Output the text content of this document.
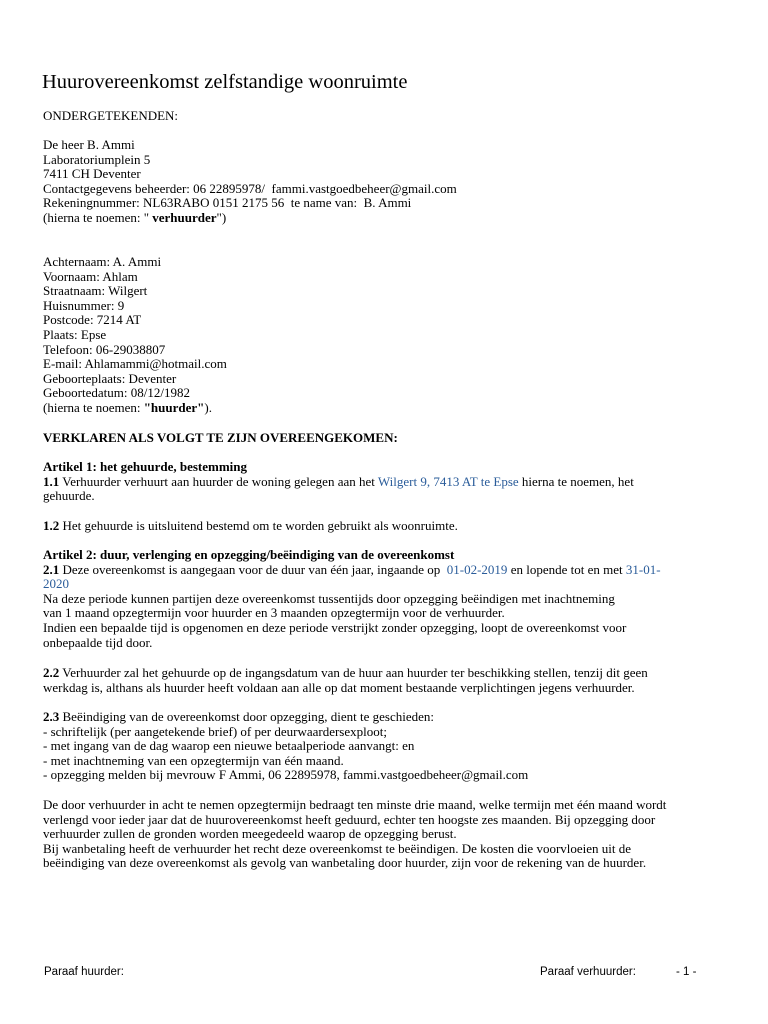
Huurovereenkomst zelfstandige woonruimte
ONDERGETEKENDEN:
De heer B. Ammi
Laboratoriumplein 5
7411 CH Deventer
Contactgegevens beheerder: 06 22895978/  fammi.vastgoedbeheer@gmail.com
Rekeningnummer: NL63RABO 0151 2175 56  te name van:  B. Ammi
(hierna te noemen: " verhuurder")
Achternaam: A. Ammi
Voornaam: Ahlam
Straatnaam: Wilgert
Huisnummer: 9
Postcode: 7214 AT
Plaats: Epse
Telefoon: 06-29038807
E-mail: Ahlamammi@hotmail.com
Geboorteplaats: Deventer
Geboortedatum: 08/12/1982
(hierna te noemen: "huurder").
VERKLAREN ALS VOLGT TE ZIJN OVEREENGEKOMEN:
Artikel 1: het gehuurde, bestemming
1.1 Verhuurder verhuurt aan huurder de woning gelegen aan het Wilgert 9, 7413 AT te Epse hierna te noemen, het
gehuurde.
1.2 Het gehuurde is uitsluitend bestemd om te worden gebruikt als woonruimte.
Artikel 2: duur, verlenging en opzegging/beëindiging van de overeenkomst
2.1 Deze overeenkomst is aangegaan voor de duur van één jaar, ingaande op  01-02-2019 en lopende tot en met 31-01-
2020
Na deze periode kunnen partijen deze overeenkomst tussentijds door opzegging beëindigen met inachtneming
van 1 maand opzegtermijn voor huurder en 3 maanden opzegtermijn voor de verhuurder.
Indien een bepaalde tijd is opgenomen en deze periode verstrijkt zonder opzegging, loopt de overeenkomst voor
onbepaalde tijd door.
2.2 Verhuurder zal het gehuurde op de ingangsdatum van de huur aan huurder ter beschikking stellen, tenzij dit geen
werkdag is, althans als huurder heeft voldaan aan alle op dat moment bestaande verplichtingen jegens verhuurder.
2.3 Beëindiging van de overeenkomst door opzegging, dient te geschieden:
- schriftelijk (per aangetekende brief) of per deurwaardersexploot;
- met ingang van de dag waarop een nieuwe betaalperiode aanvangt: en
- met inachtneming van een opzegtermijn van één maand.
- opzegging melden bij mevrouw F Ammi, 06 22895978, fammi.vastgoedbeheer@gmail.com
De door verhuurder in acht te nemen opzegtermijn bedraagt ten minste drie maand, welke termijn met één maand wordt
verlengd voor ieder jaar dat de huurovereenkomst heeft geduurd, echter ten hoogste zes maanden. Bij opzegging door
verhuurder zullen de gronden worden meegedeeld waarop de opzegging berust.
Bij wanbetaling heeft de verhuurder het recht deze overeenkomst te beëindigen. De kosten die voorvloeien uit de
beëindiging van deze overeenkomst als gevolg van wanbetaling door huurder, zijn voor de rekening van de huurder.
Paraaf huurder:	Paraaf verhuurder:	- 1 -
